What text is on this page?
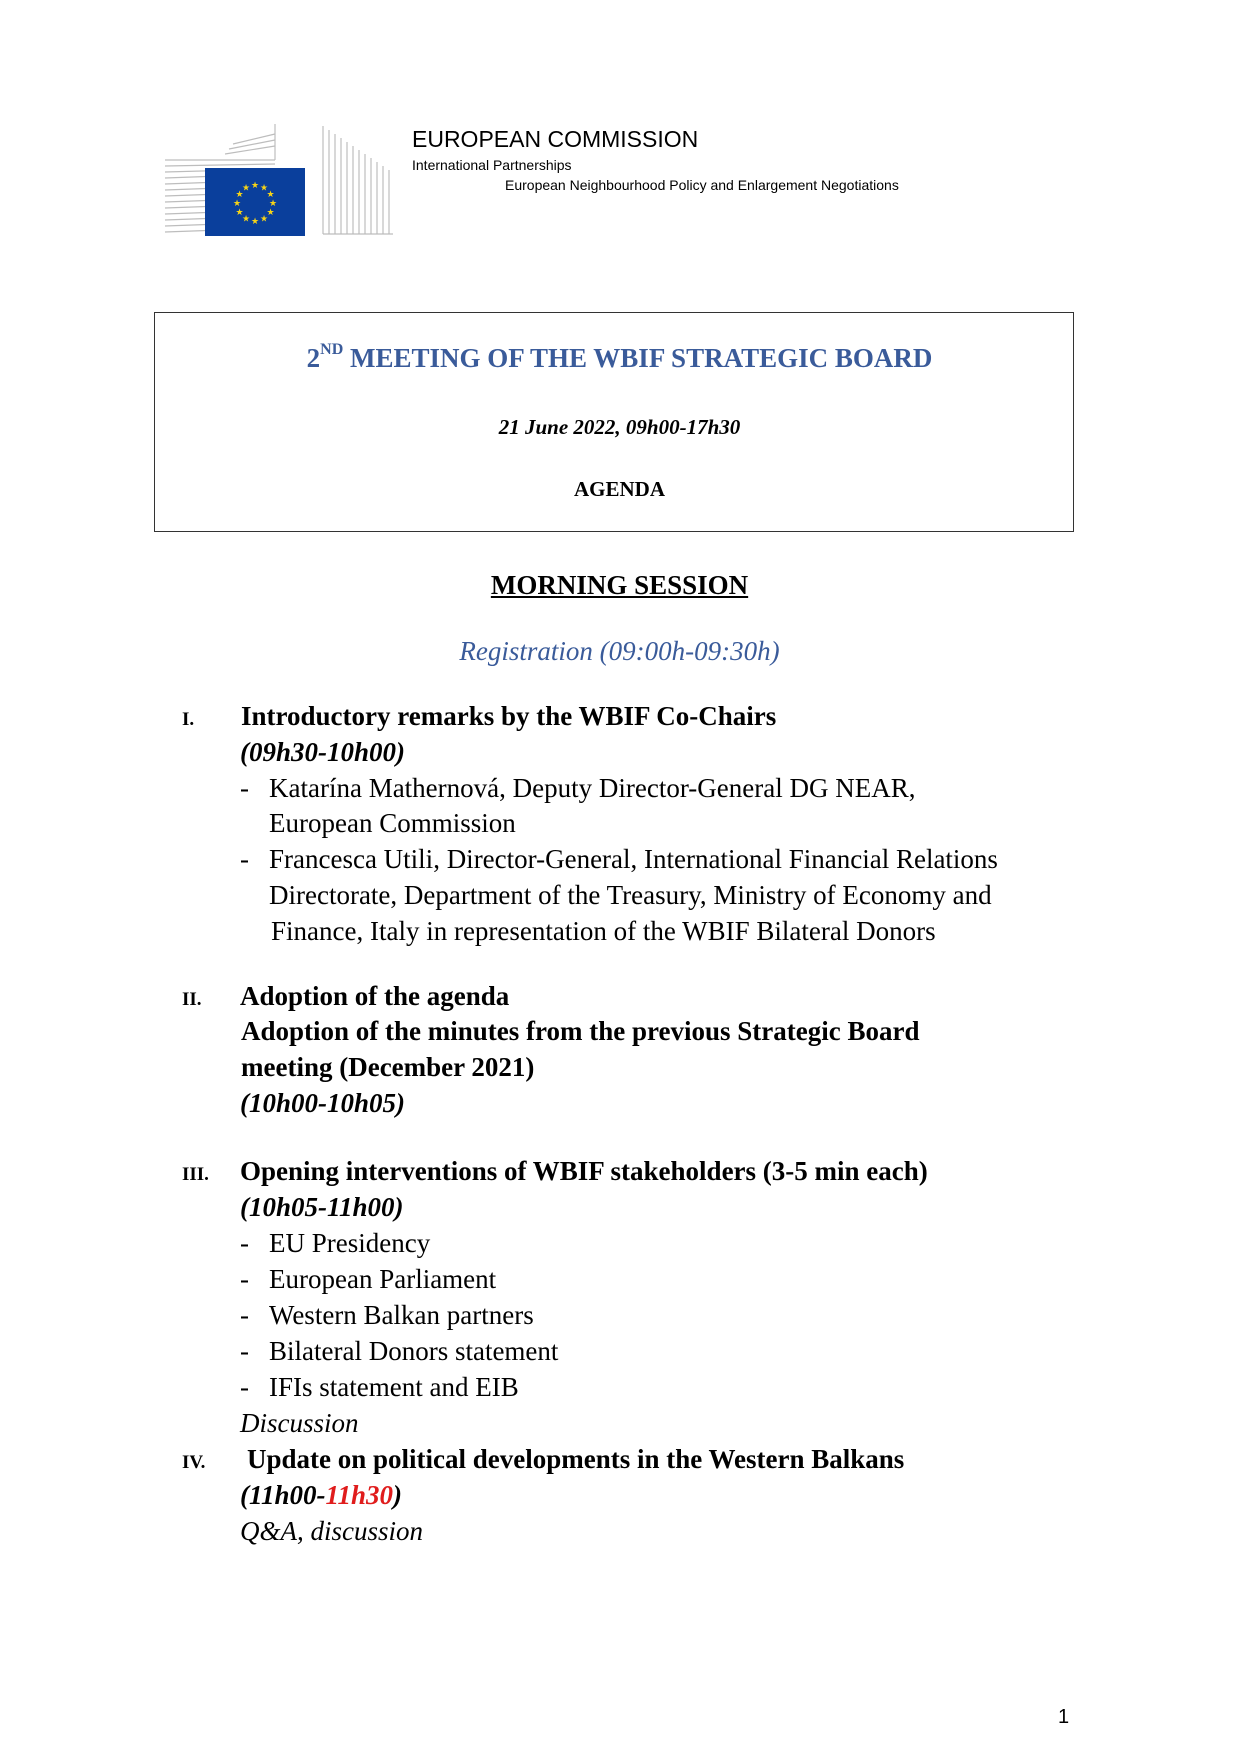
★ ★
★
★
★
★
★
★
★
★
★
★
EUROPEAN COMMISSION
International Partnerships
European Neighbourhood Policy and Enlargement Negotiations
2ND MEETING OF THE WBIF STRATEGIC BOARD
21 June 2022, 09h00-17h30
AGENDA
MORNING SESSION
Registration (09:00h-09:30h)
I. Introductory remarks by the WBIF Co-Chairs
(09h30-10h00)
- Katarína Mathernová, Deputy Director-General DG NEAR,
European Commission
- Francesca Utili, Director-General, International Financial Relations
Directorate, Department of the Treasury, Ministry of Economy and
Finance, Italy in representation of the WBIF Bilateral Donors
II. Adoption of the agenda
Adoption of the minutes from the previous Strategic Board
meeting (December 2021)
(10h00-10h05)
III. Opening interventions of WBIF stakeholders (3-5 min each)
(10h05-11h00)
- EU Presidency
- European Parliament
- Western Balkan partners
- Bilateral Donors statement
- IFIs statement and EIB
Discussion
IV. Update on political developments in the Western Balkans
(11h00-11h30)
Q&A, discussion
1
